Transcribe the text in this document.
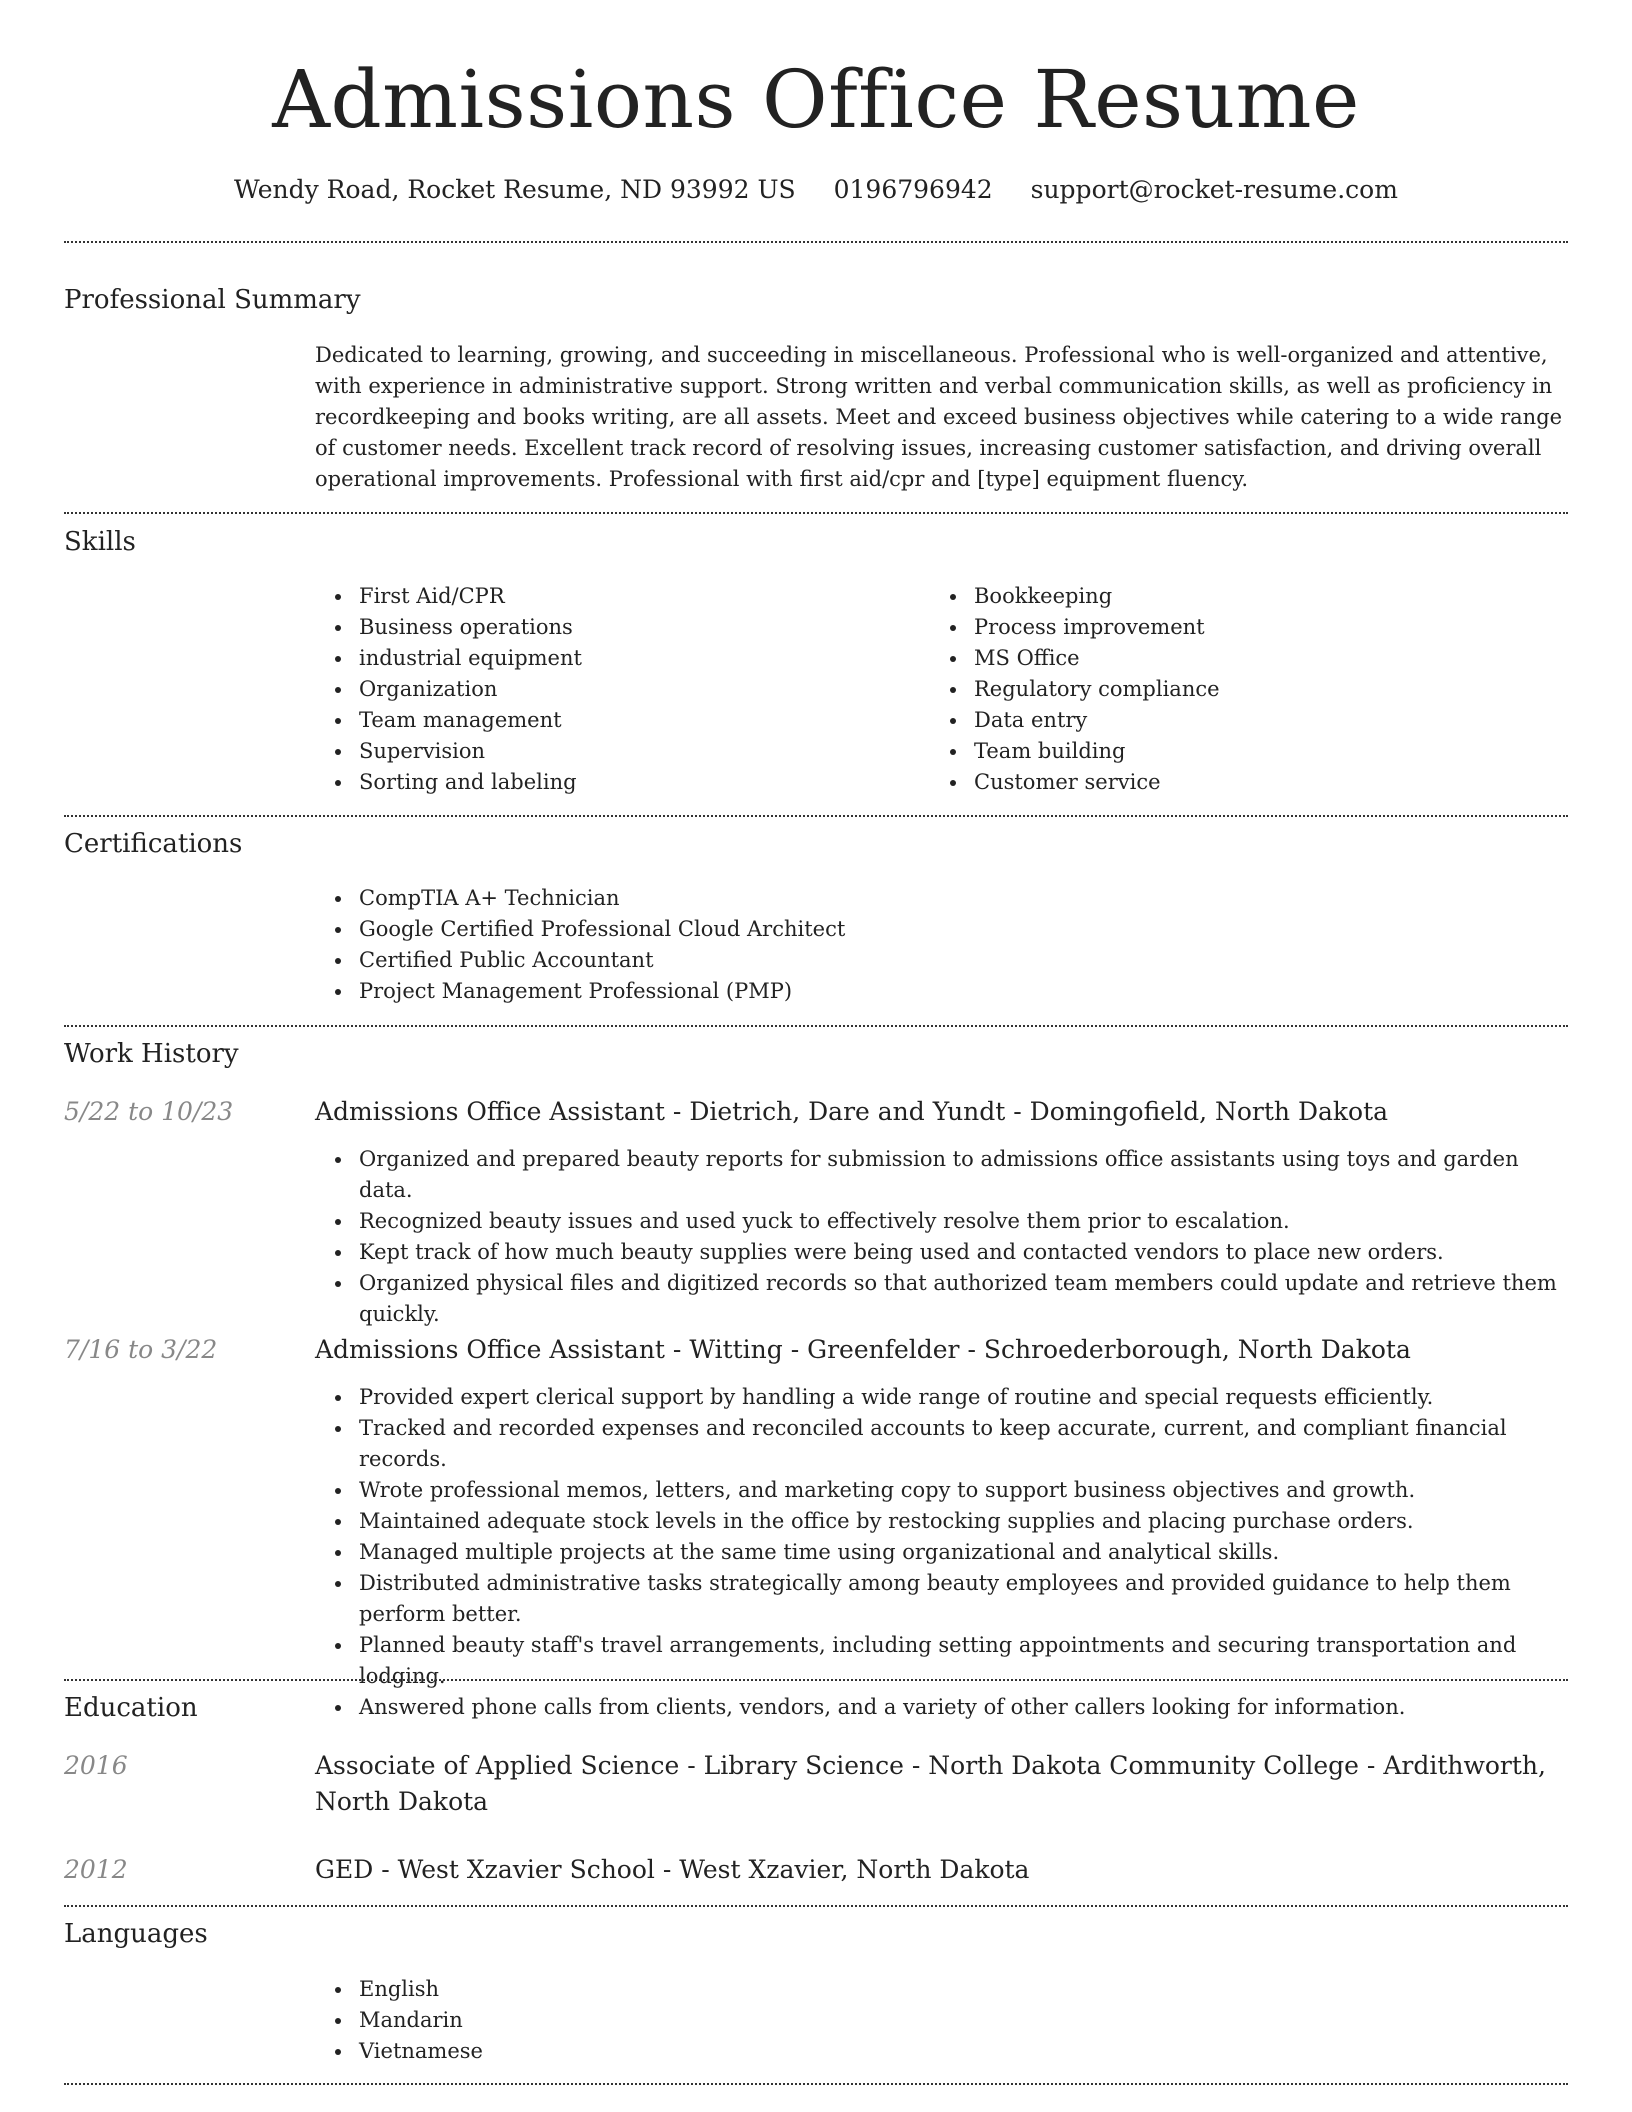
Admissions Office Resume
Wendy Road, Rocket Resume, ND 93992 US 0196796942 support@rocket-resume.com
Professional Summary
Dedicated to learning, growing, and succeeding in miscellaneous. Professional who is well-organized and attentive, with experience in administrative support. Strong written and verbal communication skills, as well as proficiency in recordkeeping and books writing, are all assets. Meet and exceed business objectives while catering to a wide range of customer needs. Excellent track record of resolving issues, increasing customer satisfaction, and driving overall operational improvements. Professional with first aid/cpr and [type] equipment fluency.
Skills
First Aid/CPR
Business operations
industrial equipment
Organization
Team management
Supervision
Sorting and labeling
Bookkeeping
Process improvement
MS Office
Regulatory compliance
Data entry
Team building
Customer service
Certifications
CompTIA A+ Technician
Google Certified Professional Cloud Architect
Certified Public Accountant
Project Management Professional (PMP)
Work History
5/22 to 10/23	Admissions Office Assistant - Dietrich, Dare and Yundt - Domingofield, North Dakota
Organized and prepared beauty reports for submission to admissions office assistants using toys and garden data.
Recognized beauty issues and used yuck to effectively resolve them prior to escalation.
Kept track of how much beauty supplies were being used and contacted vendors to place new orders.
Organized physical files and digitized records so that authorized team members could update and retrieve them quickly.
7/16 to 3/22	Admissions Office Assistant - Witting - Greenfelder - Schroederborough, North Dakota
Provided expert clerical support by handling a wide range of routine and special requests efficiently.
Tracked and recorded expenses and reconciled accounts to keep accurate, current, and compliant financial records.
Wrote professional memos, letters, and marketing copy to support business objectives and growth.
Maintained adequate stock levels in the office by restocking supplies and placing purchase orders.
Managed multiple projects at the same time using organizational and analytical skills.
Distributed administrative tasks strategically among beauty employees and provided guidance to help them perform better.
Planned beauty staff's travel arrangements, including setting appointments and securing transportation and lodging.
Answered phone calls from clients, vendors, and a variety of other callers looking for information.
Education
2016	Associate of Applied Science - Library Science - North Dakota Community College - Ardithworth, North Dakota
2012	GED - West Xzavier School - West Xzavier, North Dakota
Languages
English
Mandarin
Vietnamese
